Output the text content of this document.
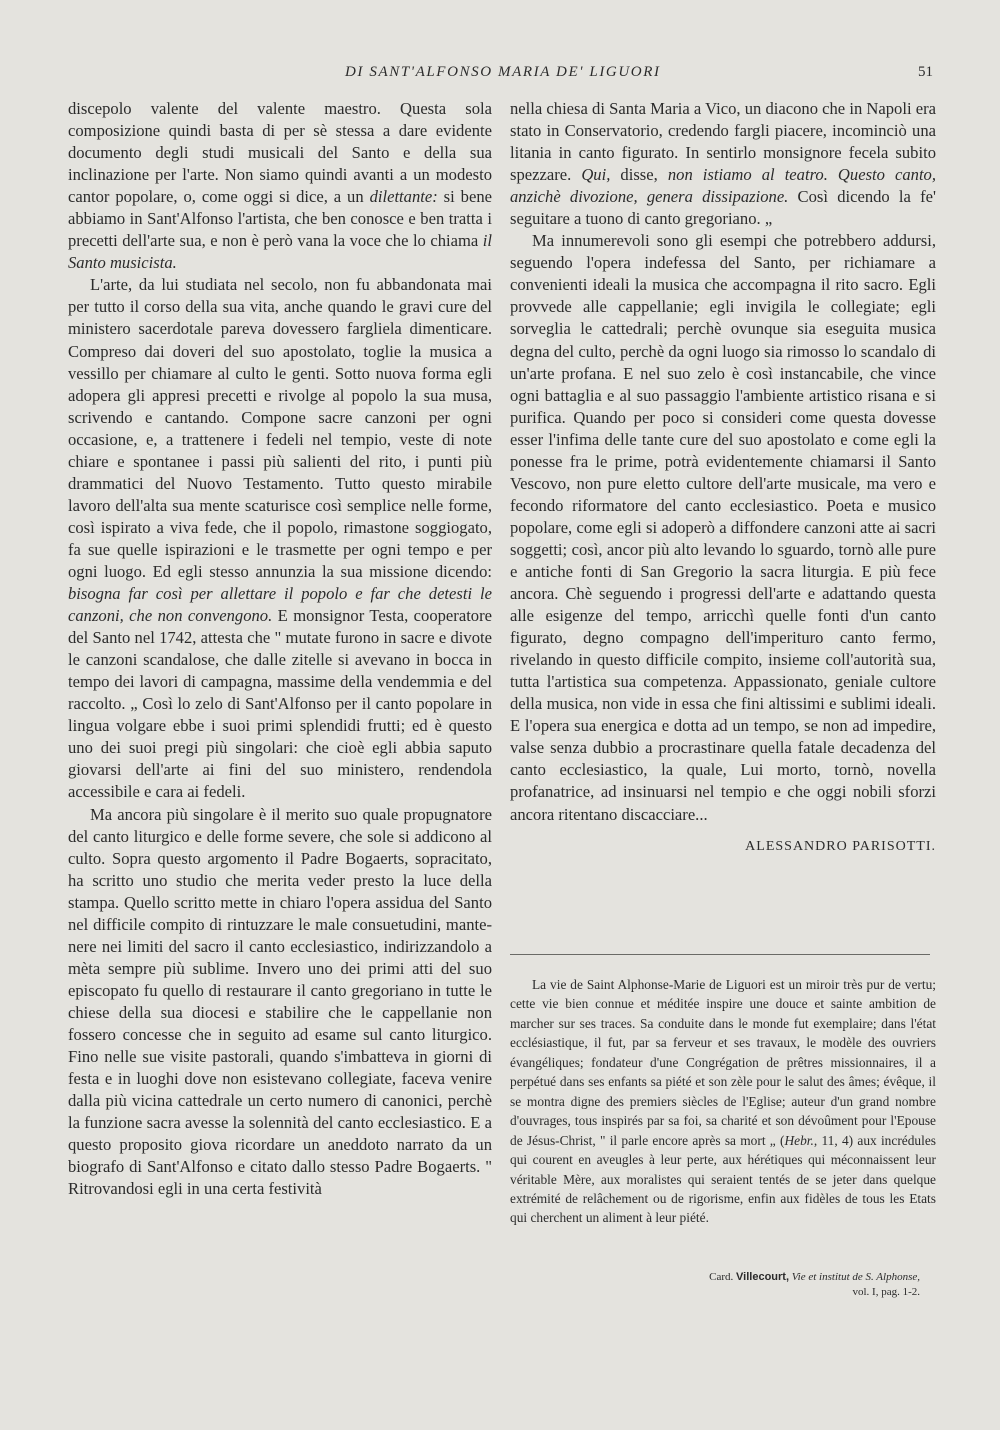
DI SANT'ALFONSO MARIA DE' LIGUORI	51

discepolo valente del valente maestro. Questa sola composizione quindi basta di per sè stessa a dare evidente documento degli studi musicali del Santo e della sua inclinazione per l'arte. Non siamo quindi avanti a un modesto cantor popolare, o, come oggi si dice, a un dilettante: si bene abbiamo in Sant'Alfonso l'artista, che ben conosce e ben tratta i precetti dell'arte sua, e non è però vana la voce che lo chiama il Santo musicista.

L'arte, da lui studiata nel secolo, non fu abbandonata mai per tutto il corso della sua vita, anche quando le gravi cure del ministero sacerdotale pareva dovessero fargliela dimenticare. Compreso dai doveri del suo apostolato, toglie la musica a vessillo per chiamare al culto le genti. Sotto nuova forma egli adopera gli appresi precetti e rivolge al popolo la sua musa, scrivendo e cantando. Compone sacre canzoni per ogni occasione, e, a trattenere i fedeli nel tempio, veste di note chiare e spontanee i passi più salienti del rito, i punti più drammatici del Nuovo Testamento. Tutto questo mirabile lavoro dell'alta sua mente scaturisce così semplice nelle forme, così ispirato a viva fede, che il popolo, rimastone soggiogato, fa sue quelle ispirazioni e le trasmette per ogni tempo e per ogni luogo. Ed egli stesso annunzia la sua missione dicendo: bisogna far così per allettare il popolo e far che detesti le canzoni, che non convengono. E monsignor Testa, cooperatore del Santo nel 1742, attesta che " mutate furono in sacre e divote le canzoni scandalose, che dalle zitelle si avevano in bocca in tempo dei lavori di campagna, massime della vendemmia e del raccolto. „ Così lo zelo di Sant'Alfonso per il canto popolare in lingua volgare ebbe i suoi primi splendidi frutti; ed è questo uno dei suoi pregi più singolari: che cioè egli abbia saputo giovarsi dell'arte ai fini del suo ministero, rendendola accessibile e cara ai fedeli.

Ma ancora più singolare è il merito suo quale propugnatore del canto liturgico e delle forme severe, che sole si addicono al culto. Sopra questo argomento il Padre Bogaerts, sopracitato, ha scritto uno studio che merita veder presto la luce della stampa. Quello scritto mette in chiaro l'opera assidua del Santo nel difficile compito di rintuzzare le male consuetudini, mantenere nei limiti del sacro il canto ecclesiastico, indirizzandolo a mèta sempre più sublime. Invero uno dei primi atti del suo episcopato fu quello di restaurare il canto gregoriano in tutte le chiese della sua diocesi e stabilire che le cappellanie non fossero concesse che in seguito ad esame sul canto liturgico. Fino nelle sue visite pastorali, quando s'imbatteva in giorni di festa e in luoghi dove non esistevano collegiate, faceva venire dalla più vicina cattedrale un certo numero di canonici, perchè la funzione sacra avesse la solennità del canto ecclesiastico. E a questo proposito giova ricordare un aneddoto narrato da un biografo di Sant'Alfonso e citato dallo stesso Padre Bogaerts. " Ritrovandosi egli in una certa festività

nella chiesa di Santa Maria a Vico, un diacono che in Napoli era stato in Conservatorio, credendo fargli piacere, incominciò una litania in canto figurato. In sentirlo monsignore fecela subito spezzare. Qui, disse, non istiamo al teatro. Questo canto, anzichè divozione, genera dissipazione. Così dicendo la fe' seguitare a tuono di canto gregoriano. „

Ma innumerevoli sono gli esempi che potrebbero addursi, seguendo l'opera indefessa del Santo, per richiamare a convenienti ideali la musica che accompagna il rito sacro. Egli provvede alle cappellanie; egli invigila le collegiate; egli sorveglia le cattedrali; perchè ovunque sia eseguita musica degna del culto, perchè da ogni luogo sia rimosso lo scandalo di un'arte profana. E nel suo zelo è così instancabile, che vince ogni battaglia e al suo passaggio l'ambiente artistico risana e si purifica. Quando per poco si consideri come questa dovesse esser l'infima delle tante cure del suo apostolato e come egli la ponesse fra le prime, potrà evidentemente chiamarsi il Santo Vescovo, non pure eletto cultore dell'arte musicale, ma vero e fecondo riformatore del canto ecclesiastico. Poeta e musico popolare, come egli si adoperò a diffondere canzoni atte ai sacri soggetti; così, ancor più alto levando lo sguardo, tornò alle pure e antiche fonti di San Gregorio la sacra liturgia. E più fece ancora. Chè seguendo i progressi dell'arte e adattando questa alle esigenze del tempo, arricchì quelle fonti d'un canto figurato, degno compagno dell'imperituro canto fermo, rivelando in questo difficile compito, insieme coll'autorità sua, tutta l'artistica sua competenza. Appassionato, geniale cultore della musica, non vide in essa che fini altissimi e sublimi ideali. E l'opera sua energica e dotta ad un tempo, se non ad impedire, valse senza dubbio a procrastinare quella fatale decadenza del canto ecclesiastico, la quale, Lui morto, tornò, novella profanatrice, ad insinuarsi nel tempio e che oggi nobili sforzi ancora ritentano discacciare...

ALESSANDRO PARISOTTI.

La vie de Saint Alphonse-Marie de Liguori est un miroir très pur de vertu; cette vie bien connue et méditée inspire une douce et sainte ambition de marcher sur ses traces. Sa conduite dans le monde fut exemplaire; dans l'état ecclésiastique, il fut, par sa ferveur et ses travaux, le modèle des ouvriers évangéliques; fondateur d'une Congrégation de prêtres missionnaires, il a perpétué dans ses enfants sa piété et son zèle pour le salut des âmes; évêque, il se montra digne des premiers siècles de l'Eglise; auteur d'un grand nombre d'ouvrages, tous inspirés par sa foi, sa charité et son dévoûment pour l'Epouse de Jésus-Christ, " il parle encore après sa mort „ (Hebr., 11, 4) aux incrédules qui courent en aveugles à leur perte, aux hérétiques qui méconnaissent leur véritable Mère, aux moralistes qui seraient tentés de se jeter dans quelque extrémité de relâchement ou de rigorisme, enfin aux fidèles de tous les Etats qui cherchent un aliment à leur piété.

Card. Villecourt, Vie et institut de S. Alphonse,
vol. I, pag. 1-2.
